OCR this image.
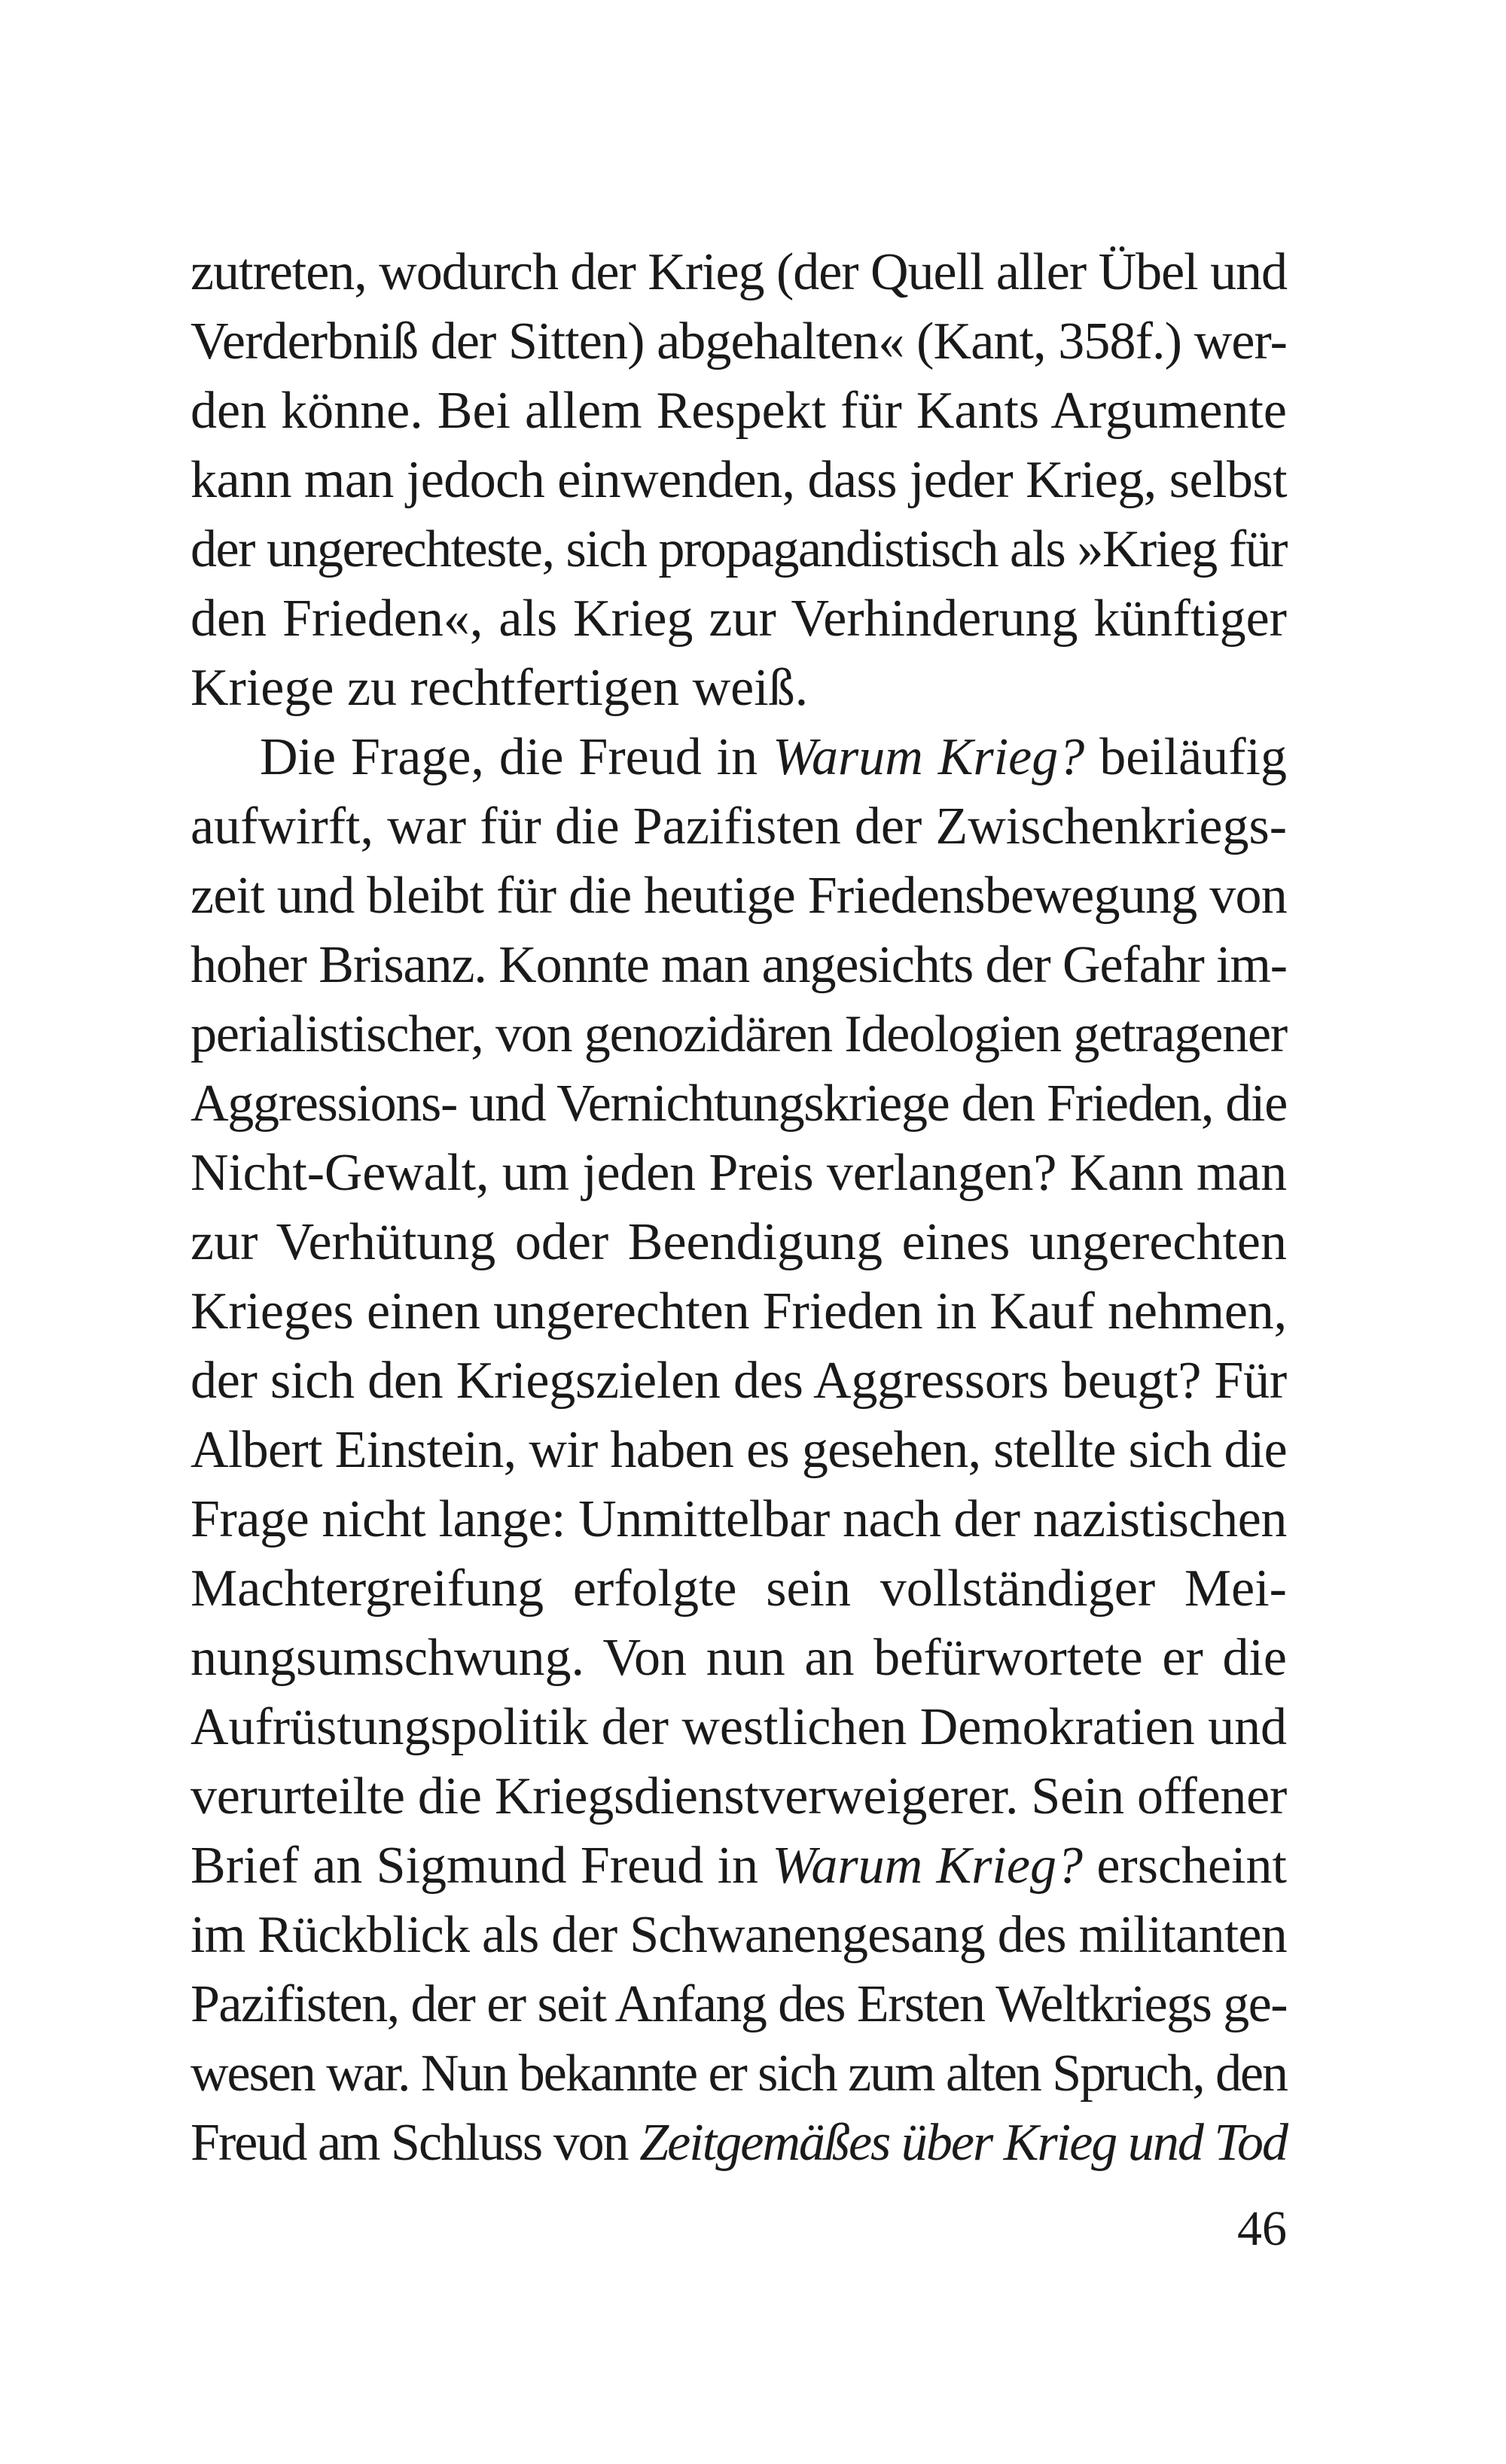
zutreten, wodurch der Krieg (der Quell aller Übel und
Verderbniß der Sitten) abgehalten« (Kant, 358f.) wer-
den könne. Bei allem Respekt für Kants Argumente
kann man jedoch einwenden, dass jeder Krieg, selbst
der ungerechteste, sich propagandistisch als »Krieg für
den Frieden«, als Krieg zur Verhinderung künftiger
Kriege zu rechtfertigen weiß.
Die Frage, die Freud in Warum Krieg? beiläufig
aufwirft, war für die Pazifisten der Zwischenkriegs-
zeit und bleibt für die heutige Friedensbewegung von
hoher Brisanz. Konnte man angesichts der Gefahr im-
perialistischer, von genozidären Ideologien getragener
Aggressions- und Vernichtungskriege den Frieden, die
Nicht-Gewalt, um jeden Preis verlangen? Kann man
zur Verhütung oder Beendigung eines ungerechten
Krieges einen ungerechten Frieden in Kauf nehmen,
der sich den Kriegszielen des Aggressors beugt? Für
Albert Einstein, wir haben es gesehen, stellte sich die
Frage nicht lange: Unmittelbar nach der nazistischen
Machtergreifung erfolgte sein vollständiger Mei-
nungsumschwung. Von nun an befürwortete er die
Aufrüstungspolitik der westlichen Demokratien und
verurteilte die Kriegsdienstverweigerer. Sein offener
Brief an Sigmund Freud in Warum Krieg? erscheint
im Rückblick als der Schwanengesang des militanten
Pazifisten, der er seit Anfang des Ersten Weltkriegs ge-
wesen war. Nun bekannte er sich zum alten Spruch, den
Freud am Schluss von Zeitgemäßes über Krieg und Tod
46
